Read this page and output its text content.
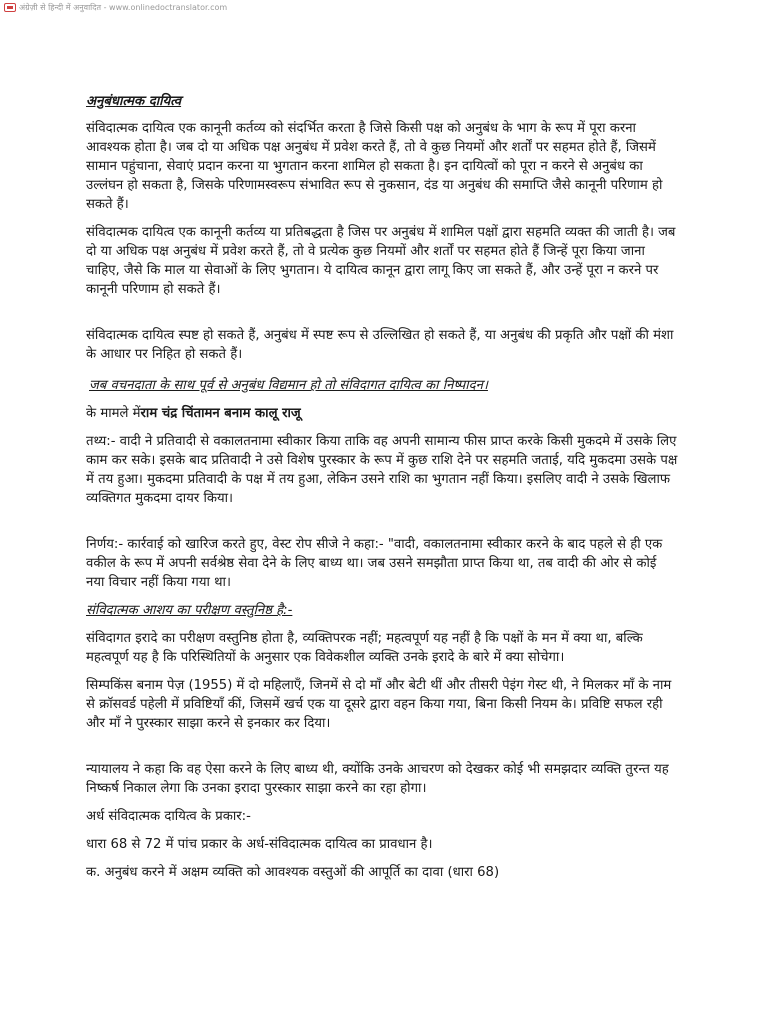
अंग्रेज़ी से हिन्दी में अनुवादित - www.onlinedoctranslator.com

अनुबंधात्मक दायित्व

संविदात्मक दायित्व एक कानूनी कर्तव्य को संदर्भित करता है जिसे किसी पक्ष को अनुबंध के भाग के रूप में पूरा करना आवश्यक होता है। जब दो या अधिक पक्ष अनुबंध में प्रवेश करते हैं, तो वे कुछ नियमों और शर्तों पर सहमत होते हैं, जिसमें सामान पहुंचाना, सेवाएं प्रदान करना या भुगतान करना शामिल हो सकता है। इन दायित्वों को पूरा न करने से अनुबंध का उल्लंघन हो सकता है, जिसके परिणामस्वरूप संभावित रूप से नुकसान, दंड या अनुबंध की समाप्ति जैसे कानूनी परिणाम हो सकते हैं।

संविदात्मक दायित्व एक कानूनी कर्तव्य या प्रतिबद्धता है जिस पर अनुबंध में शामिल पक्षों द्वारा सहमति व्यक्त की जाती है। जब दो या अधिक पक्ष अनुबंध में प्रवेश करते हैं, तो वे प्रत्येक कुछ नियमों और शर्तों पर सहमत होते हैं जिन्हें पूरा किया जाना चाहिए, जैसे कि माल या सेवाओं के लिए भुगतान। ये दायित्व कानून द्वारा लागू किए जा सकते हैं, और उन्हें पूरा न करने पर कानूनी परिणाम हो सकते हैं।

संविदात्मक दायित्व स्पष्ट हो सकते हैं, अनुबंध में स्पष्ट रूप से उल्लिखित हो सकते हैं, या अनुबंध की प्रकृति और पक्षों की मंशा के आधार पर निहित हो सकते हैं।

जब वचनदाता के साथ पूर्व से अनुबंध विद्यमान हो तो संविदागत दायित्व का निष्पादन।

के मामले मेंराम चंद्र चिंतामन बनाम कालू राजू

तथ्य:- वादी ने प्रतिवादी से वकालतनामा स्वीकार किया ताकि वह अपनी सामान्य फीस प्राप्त करके किसी मुकदमे में उसके लिए काम कर सके। इसके बाद प्रतिवादी ने उसे विशेष पुरस्कार के रूप में कुछ राशि देने पर सहमति जताई, यदि मुकदमा उसके पक्ष में तय हुआ। मुकदमा प्रतिवादी के पक्ष में तय हुआ, लेकिन उसने राशि का भुगतान नहीं किया। इसलिए वादी ने उसके खिलाफ व्यक्तिगत मुकदमा दायर किया।

निर्णय:- कार्रवाई को खारिज करते हुए, वेस्ट रोप सीजे ने कहा:- "वादी, वकालतनामा स्वीकार करने के बाद पहले से ही एक वकील के रूप में अपनी सर्वश्रेष्ठ सेवा देने के लिए बाध्य था। जब उसने समझौता प्राप्त किया था, तब वादी की ओर से कोई नया विचार नहीं किया गया था।

संविदात्मक आशय का परीक्षण वस्तुनिष्ठ है:-

संविदागत इरादे का परीक्षण वस्तुनिष्ठ होता है, व्यक्तिपरक नहीं; महत्वपूर्ण यह नहीं है कि पक्षों के मन में क्या था, बल्कि महत्वपूर्ण यह है कि परिस्थितियों के अनुसार एक विवेकशील व्यक्ति उनके इरादे के बारे में क्या सोचेगा।

सिम्पकिंस बनाम पेज़ (1955) में दो महिलाएँ, जिनमें से दो माँ और बेटी थीं और तीसरी पेइंग गेस्ट थी, ने मिलकर माँ के नाम से क्रॉसवर्ड पहेली में प्रविष्टियाँ कीं, जिसमें खर्च एक या दूसरे द्वारा वहन किया गया, बिना किसी नियम के। प्रविष्टि सफल रही और माँ ने पुरस्कार साझा करने से इनकार कर दिया।

न्यायालय ने कहा कि वह ऐसा करने के लिए बाध्य थी, क्योंकि उनके आचरण को देखकर कोई भी समझदार व्यक्ति तुरन्त यह निष्कर्ष निकाल लेगा कि उनका इरादा पुरस्कार साझा करने का रहा होगा।

अर्ध संविदात्मक दायित्व के प्रकार:-

धारा 68 से 72 में पांच प्रकार के अर्ध-संविदात्मक दायित्व का प्रावधान है।

क. अनुबंध करने में अक्षम व्यक्ति को आवश्यक वस्तुओं की आपूर्ति का दावा (धारा 68)
